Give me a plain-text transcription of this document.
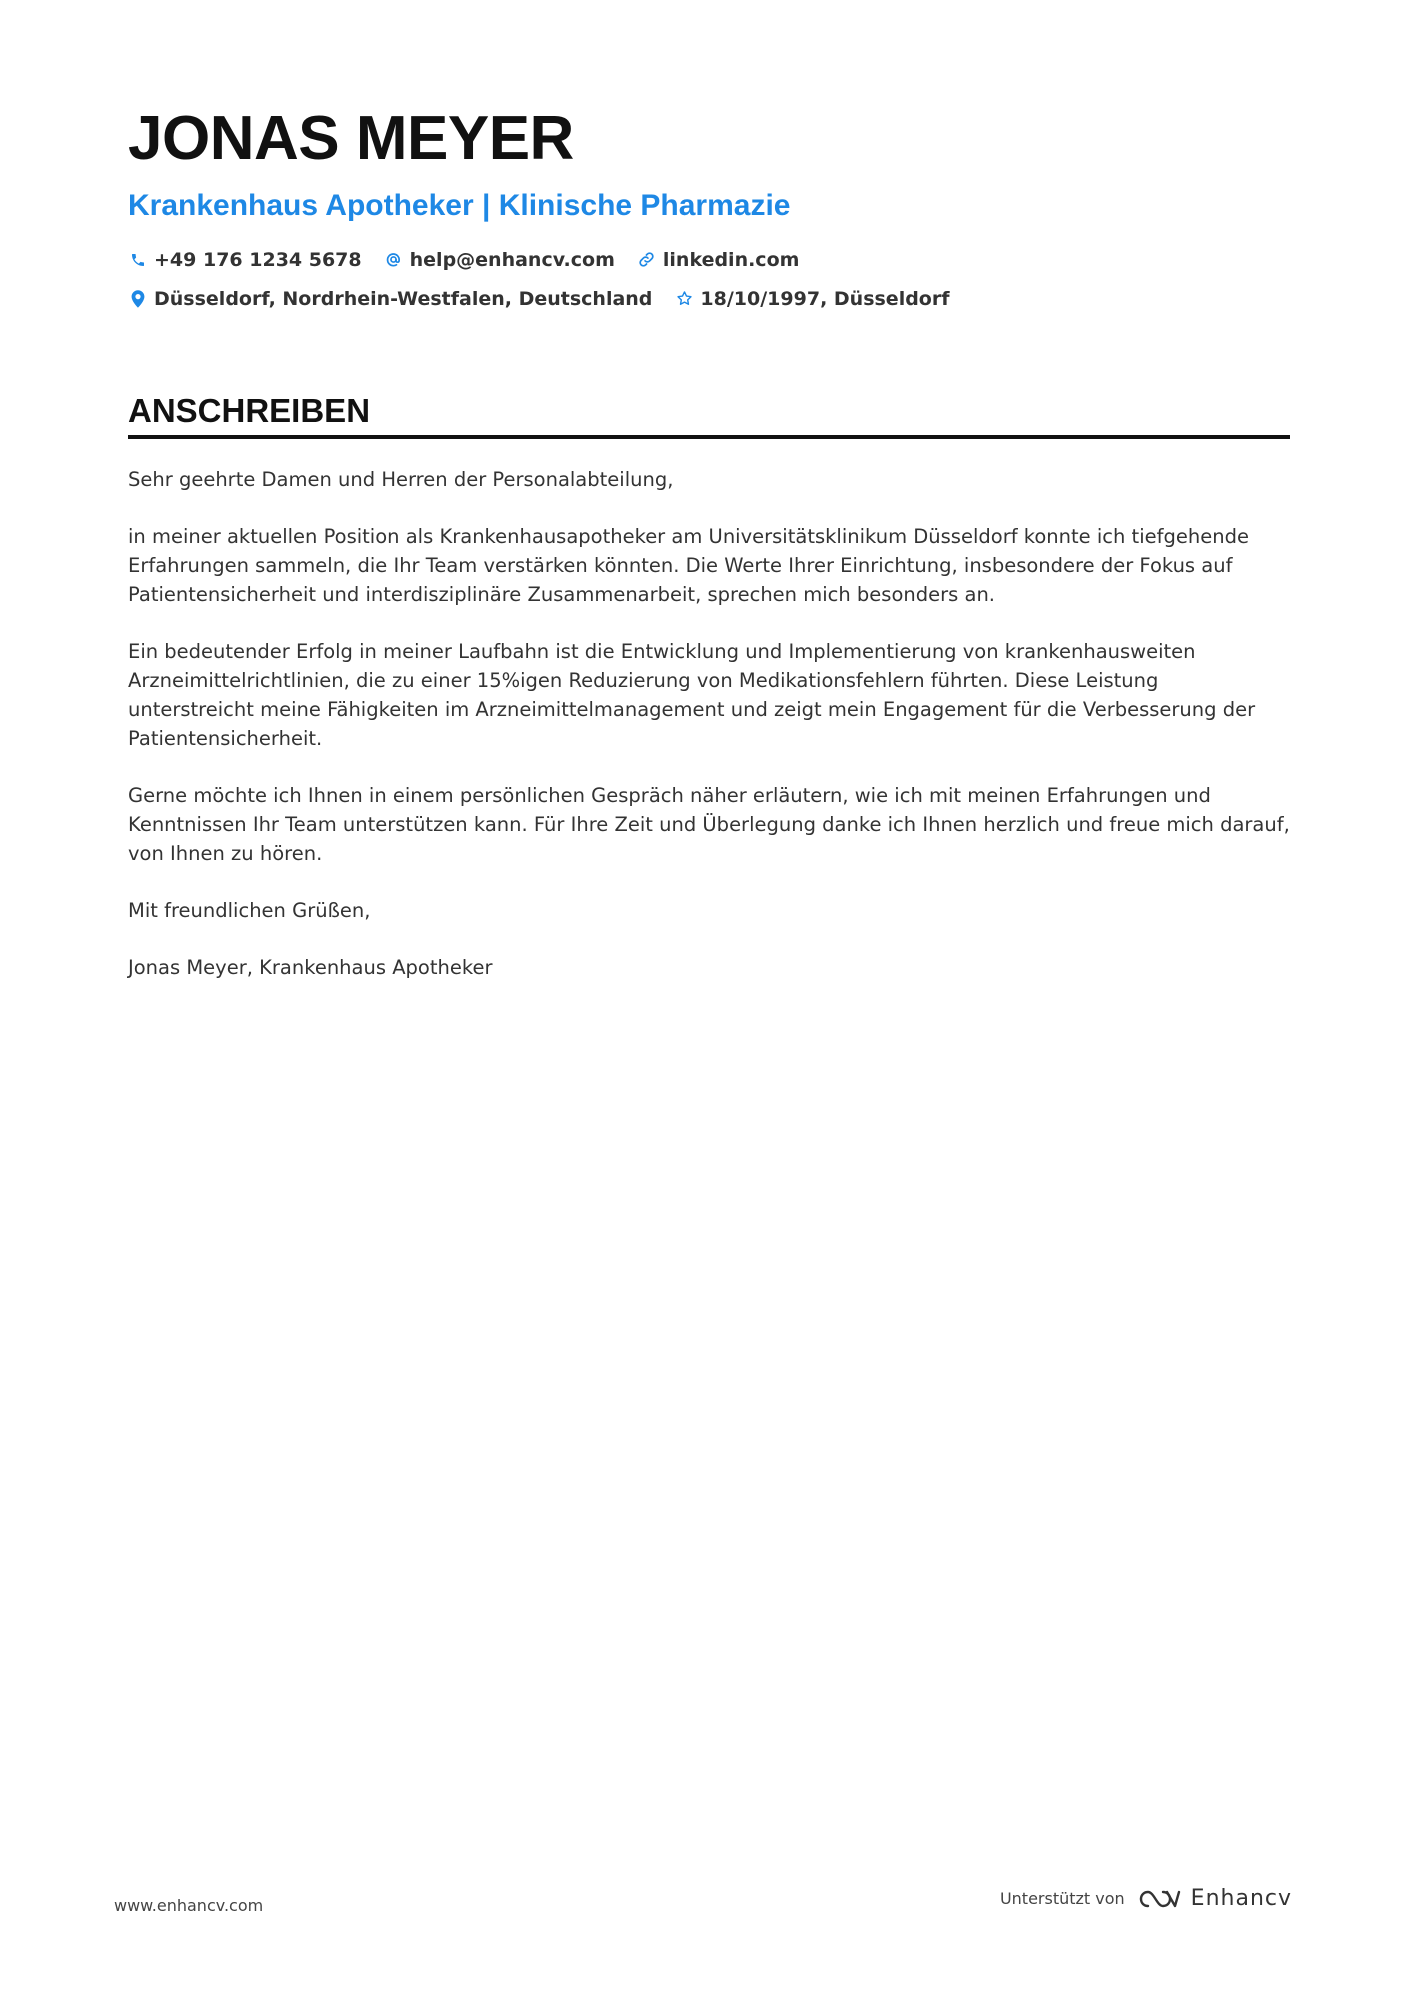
JONAS MEYER
Krankenhaus Apotheker | Klinische Pharmazie
+49 176 1234 5678	help@enhancv.com	linkedin.com
Düsseldorf, Nordrhein-Westfalen, Deutschland	18/10/1997, Düsseldorf
ANSCHREIBEN

Sehr geehrte Damen und Herren der Personalabteilung,

in meiner aktuellen Position als Krankenhausapotheker am Universitätsklinikum Düsseldorf konnte ich tiefgehende Erfahrungen sammeln, die Ihr Team verstärken könnten. Die Werte Ihrer Einrichtung, insbesondere der Fokus auf Patientensicherheit und interdisziplinäre Zusammenarbeit, sprechen mich besonders an.

Ein bedeutender Erfolg in meiner Laufbahn ist die Entwicklung und Implementierung von krankenhausweiten Arzneimittelrichtlinien, die zu einer 15%igen Reduzierung von Medikationsfehlern führten. Diese Leistung unterstreicht meine Fähigkeiten im Arzneimittelmanagement und zeigt mein Engagement für die Verbesserung der Patientensicherheit.

Gerne möchte ich Ihnen in einem persönlichen Gespräch näher erläutern, wie ich mit meinen Erfahrungen und Kenntnissen Ihr Team unterstützen kann. Für Ihre Zeit und Überlegung danke ich Ihnen herzlich und freue mich darauf, von Ihnen zu hören.

Mit freundlichen Grüßen,

Jonas Meyer, Krankenhaus Apotheker

www.enhancv.com	Unterstützt von	Enhancv
